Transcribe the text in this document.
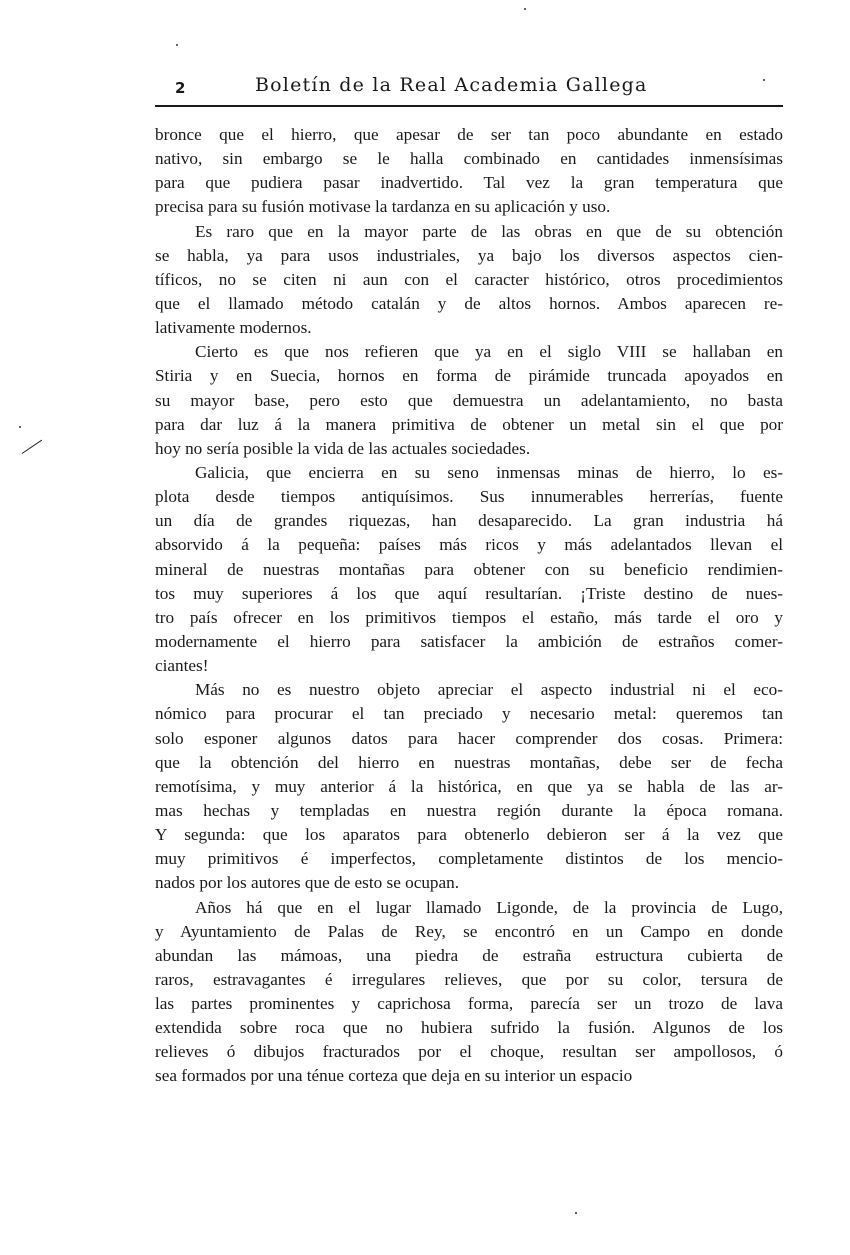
2	Boletín de la Real Academia Gallega
bronce que el hierro, que apesar de ser tan poco abundante en estado
nativo, sin embargo se le halla combinado en cantidades inmensísimas
para que pudiera pasar inadvertido. Tal vez la gran temperatura que
precisa para su fusión motivase la tardanza en su aplicación y uso.
Es raro que en la mayor parte de las obras en que de su obtención
se habla, ya para usos industriales, ya bajo los diversos aspectos cien-
tíficos, no se citen ni aun con el caracter histórico, otros procedimientos
que el llamado método catalán y de altos hornos. Ambos aparecen re-
lativamente modernos.
Cierto es que nos refieren que ya en el siglo VIII se hallaban en
Stiria y en Suecia, hornos en forma de pirámide truncada apoyados en
su mayor base, pero esto que demuestra un adelantamiento, no basta
para dar luz á la manera primitiva de obtener un metal sin el que por
hoy no sería posible la vida de las actuales sociedades.
Galicia, que encierra en su seno inmensas minas de hierro, lo es-
plota desde tiempos antiquísimos. Sus innumerables herrerías, fuente
un día de grandes riquezas, han desaparecido. La gran industria há
absorvido á la pequeña: países más ricos y más adelantados llevan el
mineral de nuestras montañas para obtener con su beneficio rendimien-
tos muy superiores á los que aquí resultarían. ¡Triste destino de nues-
tro país ofrecer en los primitivos tiempos el estaño, más tarde el oro y
modernamente el hierro para satisfacer la ambición de estraños comer-
ciantes!
Más no es nuestro objeto apreciar el aspecto industrial ni el eco-
nómico para procurar el tan preciado y necesario metal: queremos tan
solo esponer algunos datos para hacer comprender dos cosas. Primera:
que la obtención del hierro en nuestras montañas, debe ser de fecha
remotísima, y muy anterior á la histórica, en que ya se habla de las ar-
mas hechas y templadas en nuestra región durante la época romana.
Y segunda: que los aparatos para obtenerlo debieron ser á la vez que
muy primitivos é imperfectos, completamente distintos de los mencio-
nados por los autores que de esto se ocupan.
Años há que en el lugar llamado Ligonde, de la provincia de Lugo,
y Ayuntamiento de Palas de Rey, se encontró en un Campo en donde
abundan las mámoas, una piedra de estraña estructura cubierta de
raros, estravagantes é irregulares relieves, que por su color, tersura de
las partes prominentes y caprichosa forma, parecía ser un trozo de lava
extendida sobre roca que no hubiera sufrido la fusión. Algunos de los
relieves ó dibujos fracturados por el choque, resultan ser ampollosos, ó
sea formados por una ténue corteza que deja en su interior un espacio
